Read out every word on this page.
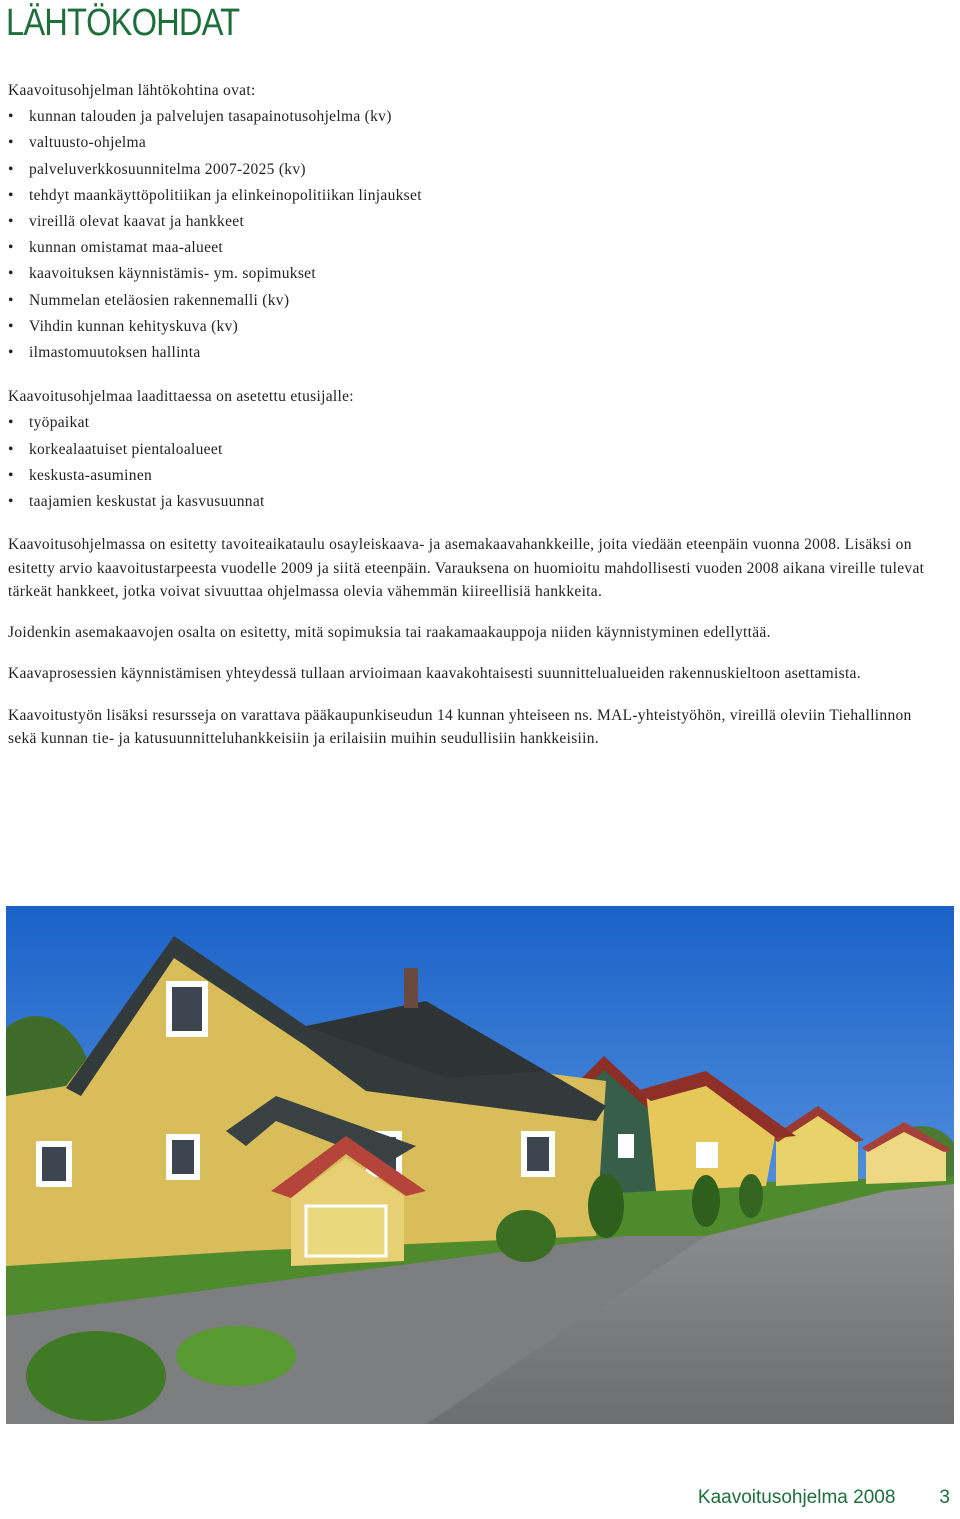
LÄHTÖKOHDAT

Kaavoitusohjelman lähtökohtina ovat:

• kunnan talouden ja palvelujen tasapainotusohjelma (kv)
• valtuusto-ohjelma
• palveluverkkosuunnitelma 2007-2025 (kv)
• tehdyt maankäyttöpolitiikan ja elinkeinopolitiikan linjaukset
• vireillä olevat kaavat ja hankkeet
• kunnan omistamat maa-alueet
• kaavoituksen käynnistämis- ym. sopimukset
• Nummelan eteläosien rakennemalli (kv)
• Vihdin kunnan kehityskuva (kv)
• ilmastomuutoksen hallinta

Kaavoitusohjelmaa laadittaessa on asetettu etusijalle:

• työpaikat
• korkealaatuiset pientaloalueet
• keskusta-asuminen
• taajamien keskustat ja kasvusuunnat

Kaavoitusohjelmassa on esitetty tavoiteaikataulu osayleiskaava- ja asemakaavahankkeille, joita viedään eteenpäin vuonna 2008. Lisäksi on esitetty arvio kaavoitustarpeesta vuodelle 2009 ja siitä eteenpäin. Varauksena on huomioitu mahdollisesti vuoden 2008 aikana vireille tulevat tärkeät hankkeet, jotka voivat sivuuttaa ohjelmassa olevia vähemmän kiireellisiä hankkeita.

Joidenkin asemakaavojen osalta on esitetty, mitä sopimuksia tai raakamaakauppoja niiden käynnistyminen edellyttää.

Kaavaprosessien käynnistämisen yhteydessä tullaan arvioimaan kaavakohtaisesti suunnittelualueiden rakennuskieltoon asettamista.

Kaavoitustyön lisäksi resursseja on varattava pääkaupunkiseudun 14 kunnan yhteiseen ns. MAL-yhteistyöhön, vireillä oleviin Tiehallinnon sekä kunnan tie- ja katusuunnitteluhankkeisiin ja erilaisiin muihin seudullisiin hankkeisiin.

Kaavoitusohjelma 2008 3
